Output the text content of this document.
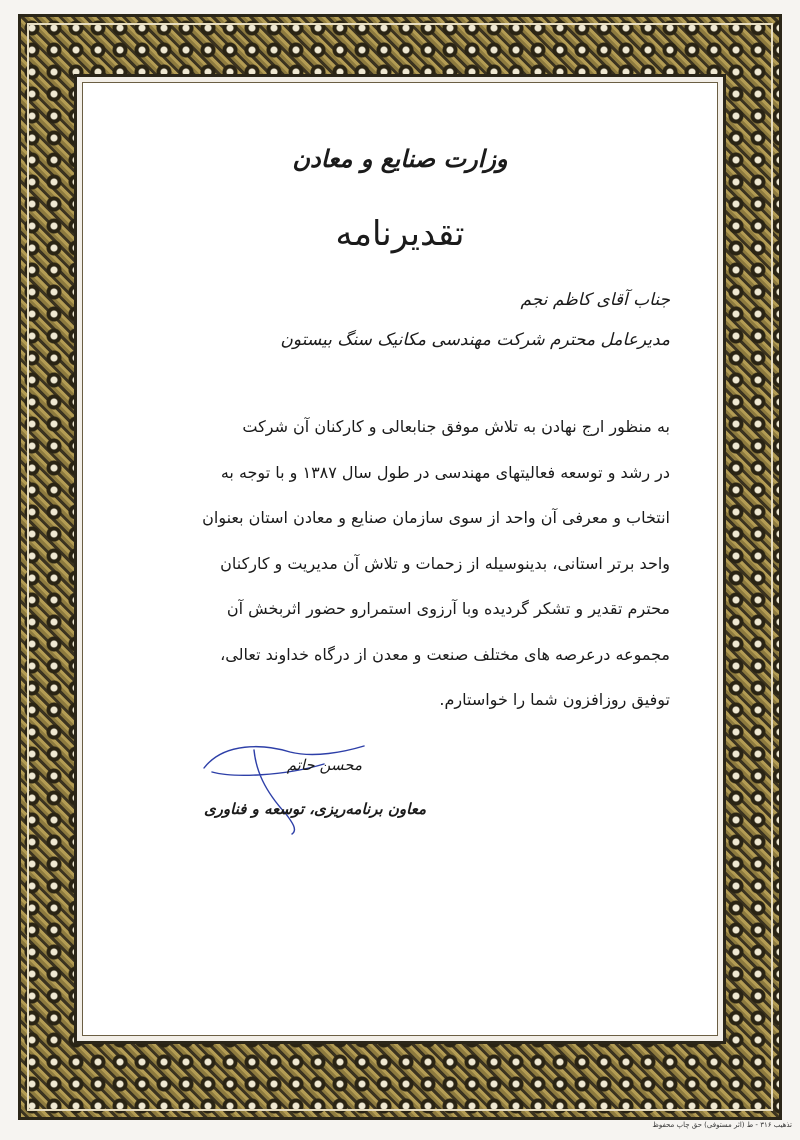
وزارت صنایع و معادن
تقدیرنامه
جناب آقای کاظم نجم
مدیرعامل محترم شرکت مهندسی مکانیک سنگ بیستون
به منظور ارج نهادن به تلاش موفق جنابعالی و کارکنان آن شرکت
در رشد و توسعه فعالیتهای مهندسی در طول سال ۱۳۸۷ و با توجه به
انتخاب و معرفی آن واحد از سوی سازمان صنایع و معادن استان بعنوان
واحد برتر استانی، بدینوسیله از زحمات و تلاش آن مدیریت و کارکنان
محترم تقدیر و تشکر گردیده وبا آرزوی استمرارو حضور اثربخش آن
مجموعه درعرصه های مختلف صنعت و معدن از درگاه خداوند تعالی،
توفیق روزافزون شما را خواستارم.
محسن حاتم
معاون برنامه‌ریزی، توسعه و فناوری
تذهیب ۳۱۶ - ط (اثر مستوفی) حق چاپ محفوظ
